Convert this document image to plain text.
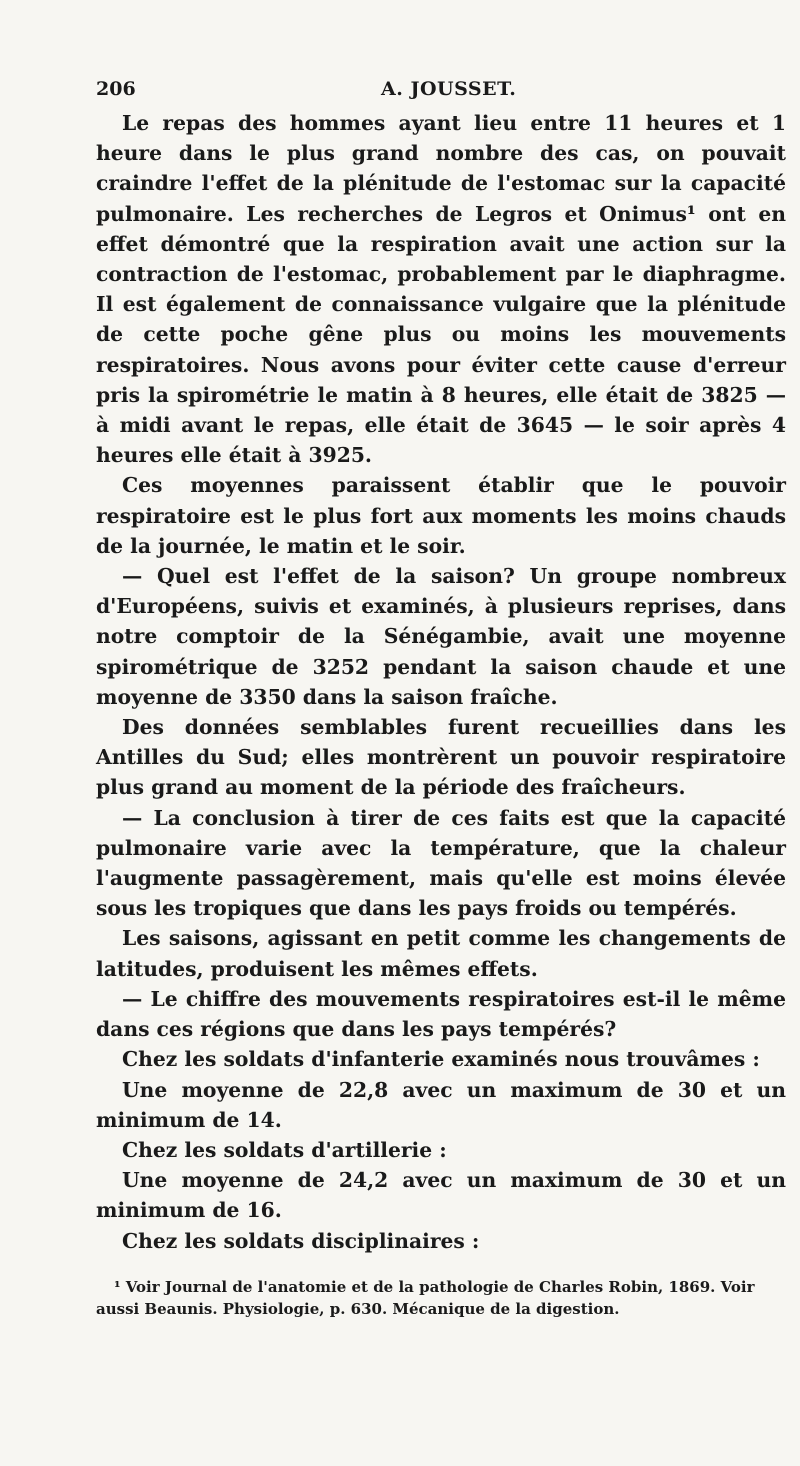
206	A. JOUSSET.

Le repas des hommes ayant lieu entre 11 heures et 1 heure dans le plus grand nombre des cas, on pouvait craindre l'effet de la plénitude de l'estomac sur la capacité pulmonaire. Les recherches de Legros et Onimus¹ ont en effet démontré que la respiration avait une action sur la contraction de l'estomac, probablement par le diaphragme. Il est également de connaissance vulgaire que la plénitude de cette poche gêne plus ou moins les mouvements respiratoires. Nous avons pour éviter cette cause d'erreur pris la spirométrie le matin à 8 heures, elle était de 3825 — à midi avant le repas, elle était de 3645 — le soir après 4 heures elle était à 3925.

Ces moyennes paraissent établir que le pouvoir respiratoire est le plus fort aux moments les moins chauds de la journée, le matin et le soir.

— Quel est l'effet de la saison? Un groupe nombreux d'Européens, suivis et examinés, à plusieurs reprises, dans notre comptoir de la Sénégambie, avait une moyenne spirométrique de 3252 pendant la saison chaude et une moyenne de 3350 dans la saison fraîche.

Des données semblables furent recueillies dans les Antilles du Sud; elles montrèrent un pouvoir respiratoire plus grand au moment de la période des fraîcheurs.

— La conclusion à tirer de ces faits est que la capacité pulmonaire varie avec la température, que la chaleur l'augmente passagèrement, mais qu'elle est moins élevée sous les tropiques que dans les pays froids ou tempérés.

Les saisons, agissant en petit comme les changements de latitudes, produisent les mêmes effets.

— Le chiffre des mouvements respiratoires est-il le même dans ces régions que dans les pays tempérés?

Chez les soldats d'infanterie examinés nous trouvâmes :

Une moyenne de 22,8 avec un maximum de 30 et un minimum de 14.

Chez les soldats d'artillerie :

Une moyenne de 24,2 avec un maximum de 30 et un minimum de 16.

Chez les soldats disciplinaires :

¹ Voir Journal de l'anatomie et de la pathologie de Charles Robin, 1869. Voir aussi Beaunis. Physiologie, p. 630. Mécanique de la digestion.
